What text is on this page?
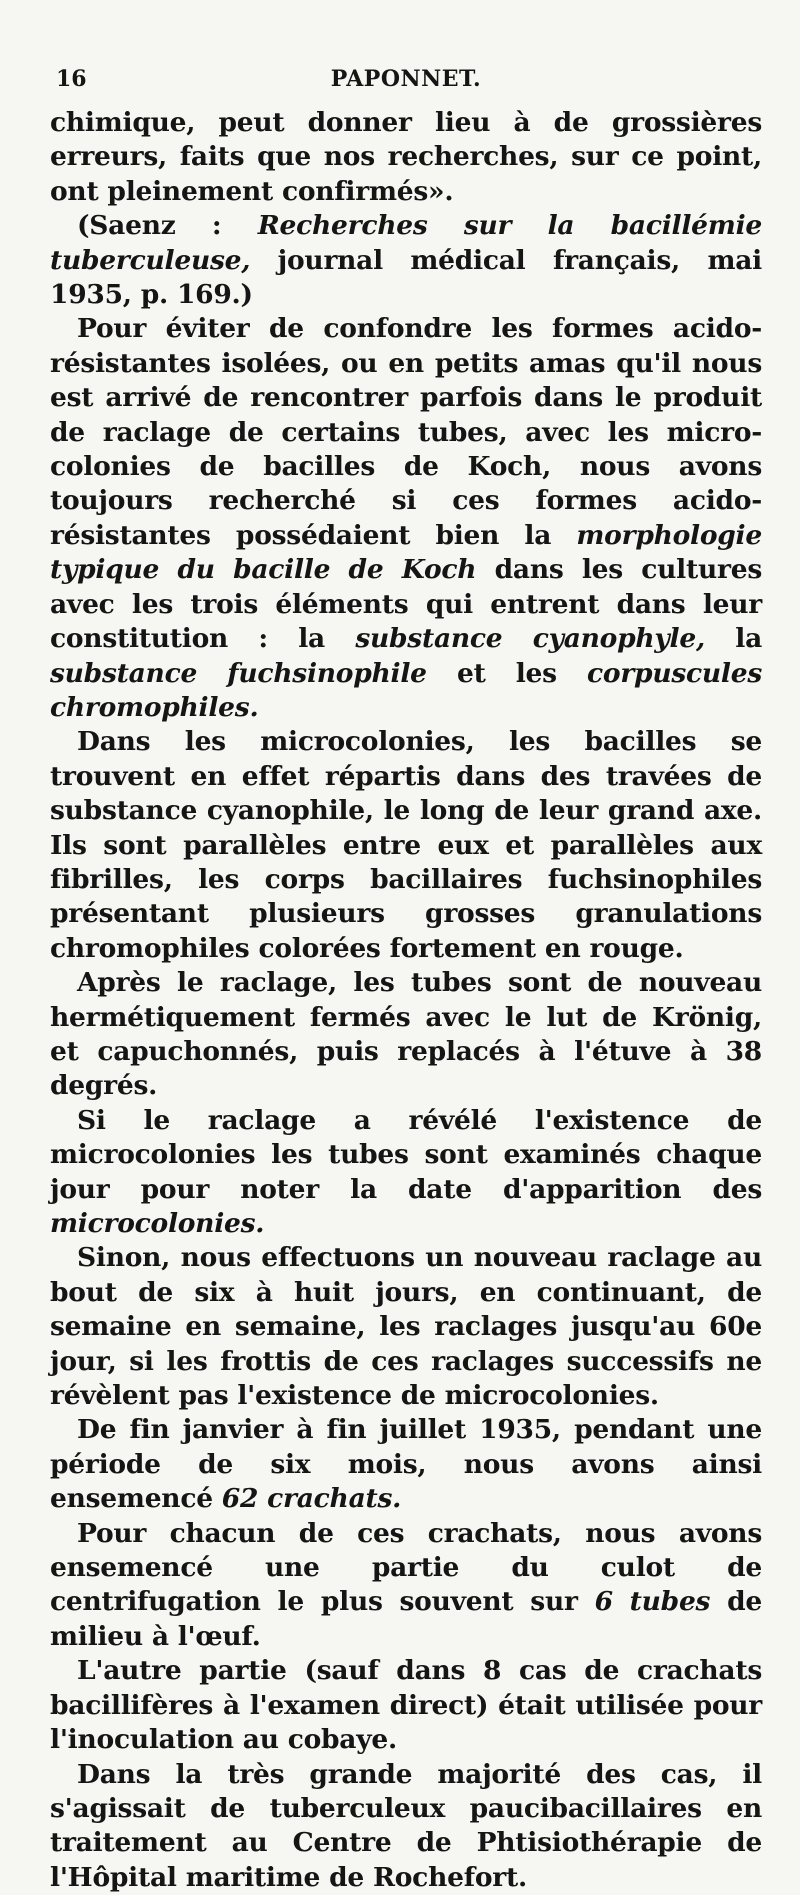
16	PAPONNET.

chimique, peut donner lieu à de grossières erreurs, faits que nos recherches, sur ce point, ont pleinement confirmés».

(Saenz : Recherches sur la bacillémie tuberculeuse, journal médical français, mai 1935, p. 169.)

Pour éviter de confondre les formes acido-résistantes isolées, ou en petits amas qu'il nous est arrivé de rencontrer parfois dans le produit de raclage de certains tubes, avec les micro-colonies de bacilles de Koch, nous avons toujours recherché si ces formes acido-résistantes possédaient bien la morphologie typique du bacille de Koch dans les cultures avec les trois éléments qui entrent dans leur constitution : la substance cyanophyle, la substance fuchsinophile et les corpuscules chromophiles.

Dans les microcolonies, les bacilles se trouvent en effet répartis dans des travées de substance cyanophile, le long de leur grand axe. Ils sont parallèles entre eux et parallèles aux fibrilles, les corps bacillaires fuchsinophiles présentant plusieurs grosses granulations chromophiles colorées fortement en rouge.

Après le raclage, les tubes sont de nouveau hermétiquement fermés avec le lut de Krönig, et capuchonnés, puis replacés à l'étuve à 38 degrés.

Si le raclage a révélé l'existence de microcolonies les tubes sont examinés chaque jour pour noter la date d'apparition des microcolonies.

Sinon, nous effectuons un nouveau raclage au bout de six à huit jours, en continuant, de semaine en semaine, les raclages jusqu'au 60e jour, si les frottis de ces raclages successifs ne révèlent pas l'existence de microcolonies.

De fin janvier à fin juillet 1935, pendant une période de six mois, nous avons ainsi ensemencé 62 crachats.

Pour chacun de ces crachats, nous avons ensemencé une partie du culot de centrifugation le plus souvent sur 6 tubes de milieu à l'œuf.

L'autre partie (sauf dans 8 cas de crachats bacillifères à l'examen direct) était utilisée pour l'inoculation au cobaye.

Dans la très grande majorité des cas, il s'agissait de tuberculeux paucibacillaires en traitement au Centre de Phtisiothérapie de l'Hôpital maritime de Rochefort.
